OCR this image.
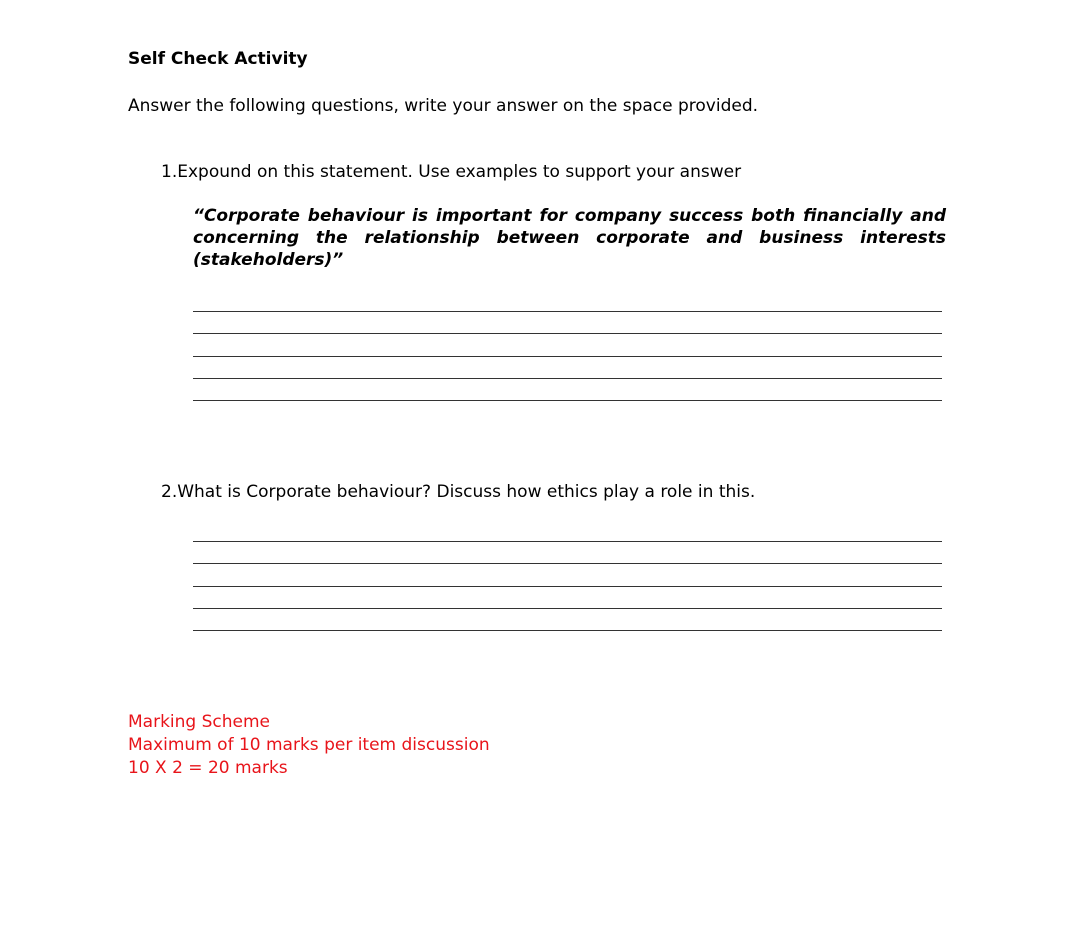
Self Check Activity
Answer the following questions, write your answer on the space provided.
1.Expound on this statement. Use examples to support your answer
“Corporate behaviour is important for company success both financially and concerning the relationship between corporate and business interests (stakeholders)”
2.What is Corporate behaviour? Discuss how ethics play a role in this.
Marking Scheme
Maximum of 10 marks per item discussion
10 X 2 = 20 marks
